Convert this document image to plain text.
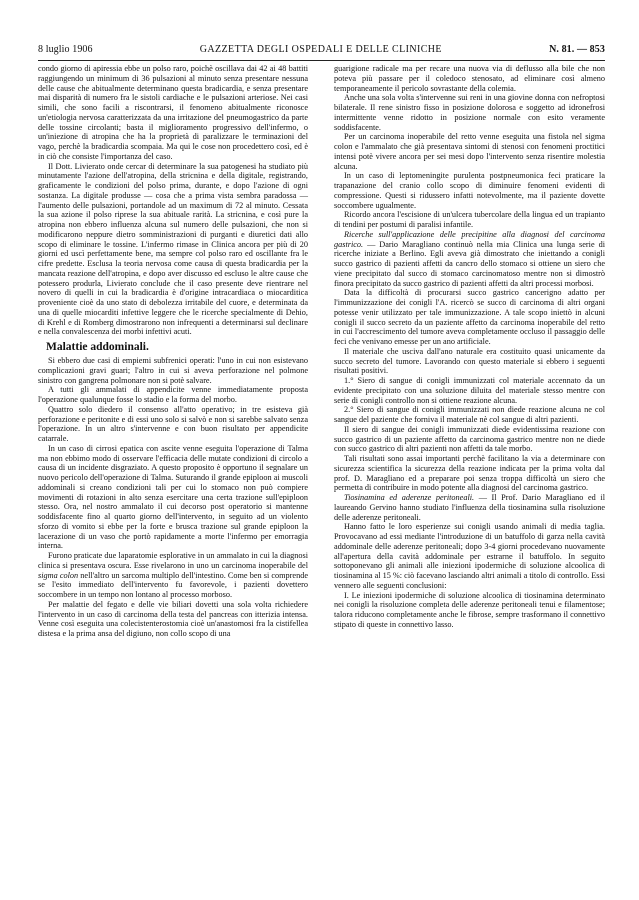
8 luglio 1906	GAZZETTA DEGLI OSPEDALI E DELLE CLINICHE	N. 81. — 853

condo giorno di apiressia ebbe un polso raro, poichè oscillava dai 42 ai 48 battiti raggiungendo un minimum di 36 pulsazioni al minuto senza presentare nessuna delle cause che abitualmente determinano questa bradicardia, e senza presentare mai disparità di numero fra le sistoli cardiache e le pulsazioni arteriose. Nei casi simili, che sono facili a riscontrarsi, il fenomeno abitualmente riconosce un'etiologia nervosa caratterizzata da una irritazione del pneumogastrico da parte delle tossine circolanti; basta il miglioramento progressivo dell'infermo, o un'iniezione di atropina che ha la proprietà di paralizzare le terminazioni del vago, perchè la bradicardia scompaia. Ma qui le cose non procedettero così, ed è in ciò che consiste l'importanza del caso.

Il Dott. Livierato onde cercar di determinare la sua patogenesi ha studiato più minutamente l'azione dell'atropina, della stricnina e della digitale, registrando, graficamente le condizioni del polso prima, durante, e dopo l'azione di ogni sostanza. La digitale produsse — cosa che a prima vista sembra paradossa — l'aumento delle pulsazioni, portandole ad un maximum di 72 al minuto. Cessata la sua azione il polso riprese la sua abituale rarità. La stricnina, e così pure la atropina non ebbero influenza alcuna sul numero delle pulsazioni, che non si modificarono neppure dietro somministrazioni di purganti e diuretici dati allo scopo di eliminare le tossine. L'infermo rimase in Clinica ancora per più di 20 giorni ed uscì perfettamente bene, ma sempre col polso raro ed oscillante fra le cifre predette. Esclusa la teoria nervosa come causa di questa bradicardia per la mancata reazione dell'atropina, e dopo aver discusso ed escluso le altre cause che potessero produrla, Livierato conclude che il caso presente deve rientrare nel novero di quelli in cui la bradicardia è d'origine intracardiaca o miocarditica proveniente cioè da uno stato di debolezza irritabile del cuore, e determinata da una di quelle miocarditi infettive leggere che le ricerche specialmente di Dehio, di Krehl e di Romberg dimostrarono non infrequenti a determinarsi sul declinare e nella convalescenza dei morbi infettivi acuti.

Malattie addominali.

Si ebbero due casi di empiemi subfrenici operati: l'uno in cui non esistevano complicazioni gravi guari; l'altro in cui si aveva perforazione nel polmone sinistro con gangrena polmonare non si potè salvare.

A tutti gli ammalati di appendicite venne immediatamente proposta l'operazione qualunque fosse lo stadio e la forma del morbo.

Quattro solo diedero il consenso all'atto operativo; in tre esisteva già perforazione e peritonite e di essi uno solo si salvò e non si sarebbe salvato senza l'operazione. In un altro s'intervenne e con buon risultato per appendicite catarrale.

In un caso di cirrosi epatica con ascite venne eseguita l'operazione di Talma ma non ebbimo modo di osservare l'efficacia delle mutate condizioni di circolo a causa di un incidente disgraziato. A questo proposito è opportuno il segnalare un nuovo pericolo dell'operazione di Talma. Suturando il grande epiploon ai muscoli addominali si creano condizioni tali per cui lo stomaco non può compiere movimenti di rotazioni in alto senza esercitare una certa trazione sull'epiploon stesso. Ora, nel nostro ammalato il cui decorso post operatorio si mantenne soddisfacente fino al quarto giorno dell'intervento, in seguito ad un violento sforzo di vomito si ebbe per la forte e brusca trazione sul grande epiploon la lacerazione di un vaso che portò rapidamente a morte l'infermo per emorragia interna.

Furono praticate due laparatomie esplorative in un ammalato in cui la diagnosi clinica si presentava oscura. Esse rivelarono in uno un carcinoma inoperabile del sigma colon nell'altro un sarcoma multiplo dell'intestino. Come ben si comprende se l'esito immediato dell'intervento fu favorevole, i pazienti dovettero soccombere in un tempo non lontano al processo morboso.

Per malattie del fegato e delle vie biliari dovetti una sola volta richiedere l'intervento in un caso di carcinoma della testa del pancreas con itterizia intensa. Venne così eseguita una colecistenterostomia cioè un'anastomosi fra la cistifellea distesa e la prima ansa del digiuno, non collo scopo di una

guarigione radicale ma per recare una nuova via di deflusso alla bile che non poteva più passare per il coledoco stenosato, ad eliminare così almeno temporaneamente il pericolo sovrastante della colemia.

Anche una sola volta s'intervenne sui reni in una giovine donna con nefroptosi bilaterale. Il rene sinistro fisso in posizione dolorosa e soggetto ad idronefrosi intermittente venne ridotto in posizione normale con esito veramente soddisfacente.

Per un carcinoma inoperabile del retto venne eseguita una fistola nel sigma colon e l'ammalato che già presentava sintomi di stenosi con fenomeni proctitici intensi potè vivere ancora per sei mesi dopo l'intervento senza risentire molestia alcuna.

In un caso di leptomeningite purulenta postpneumonica feci praticare la trapanazione del cranio collo scopo di diminuire fenomeni evidenti di compressione. Questi si ridussero infatti notevolmente, ma il paziente dovette soccombere ugualmente.

Ricordo ancora l'escisione di un'ulcera tubercolare della lingua ed un trapianto di tendini per postumi di paralisi infantile.

Ricerche sull'applicazione delle precipitine alla diagnosi del carcinoma gastrico. — Dario Maragliano continuò nella mia Clinica una lunga serie di ricerche iniziate a Berlino. Egli aveva già dimostrato che iniettando a conigli succo gastrico di pazienti affetti da cancro dello stomaco si ottiene un siero che viene precipitato dal succo di stomaco carcinomatoso mentre non si dimostrò finora precipitato da succo gastrico di pazienti affetti da altri processi morbosi.

Data la difficoltà di procurarsi succo gastrico cancerigno adatto per l'immunizzazione dei conigli l'A. ricercò se succo di carcinoma di altri organi potesse venir utilizzato per tale immunizzazione. A tale scopo iniettò in alcuni conigli il succo secreto da un paziente affetto da carcinoma inoperabile del retto in cui l'accrescimento del tumore aveva completamente occluso il passaggio delle feci che venivano emesse per un ano artificiale.

Il materiale che usciva dall'ano naturale era costituito quasi unicamente da succo secreto del tumore. Lavorando con questo materiale si ebbero i seguenti risultati positivi.

1.° Siero di sangue di conigli immunizzati col materiale accennato da un evidente precipitato con una soluzione diluita del materiale stesso mentre con serie di conigli controllo non si ottiene reazione alcuna.

2.° Siero di sangue di conigli immunizzati non diede reazione alcuna ne col sangue del paziente che forniva il materiale nè col sangue di altri pazienti.

Il siero di sangue dei conigli immunizzati diede evidentissima reazione con succo gastrico di un paziente affetto da carcinoma gastrico mentre non ne diede con succo gastrico di altri pazienti non affetti da tale morbo.

Tali risultati sono assai importanti perchè facilitano la via a determinare con sicurezza scientifica la sicurezza della reazione indicata per la prima volta dal prof. D. Maragliano ed a preparare poi senza troppa difficoltà un siero che permetta di contribuire in modo potente alla diagnosi del carcinoma gastrico.

Tiosinamina ed aderenze peritoneali. — Il Prof. Dario Maragliano ed il laureando Gervino hanno studiato l'influenza della tiosinamina sulla risoluzione delle aderenze peritoneali.

Hanno fatto le loro esperienze sui conigli usando animali di media taglia. Provocavano ad essi mediante l'introduzione di un batuffolo di garza nella cavità addominale delle aderenze peritoneali; dopo 3-4 giorni procedevano nuovamente all'apertura della cavità addominale per estrarne il batuffolo. In seguito sottoponevano gli animali alle iniezioni ipodermiche di soluzione alcoolica di tiosinamina al 15 %: ciò facevano lasciando altri animali a titolo di controllo. Essi vennero alle seguenti conclusioni:

I. Le iniezioni ipodermiche di soluzione alcoolica di tiosinamina determinato nei conigli la risoluzione completa delle aderenze peritoneali tenui e filamentose; talora riducono completamente anche le fibrose, sempre trasformano il connettivo stipato di queste in connettivo lasso.
